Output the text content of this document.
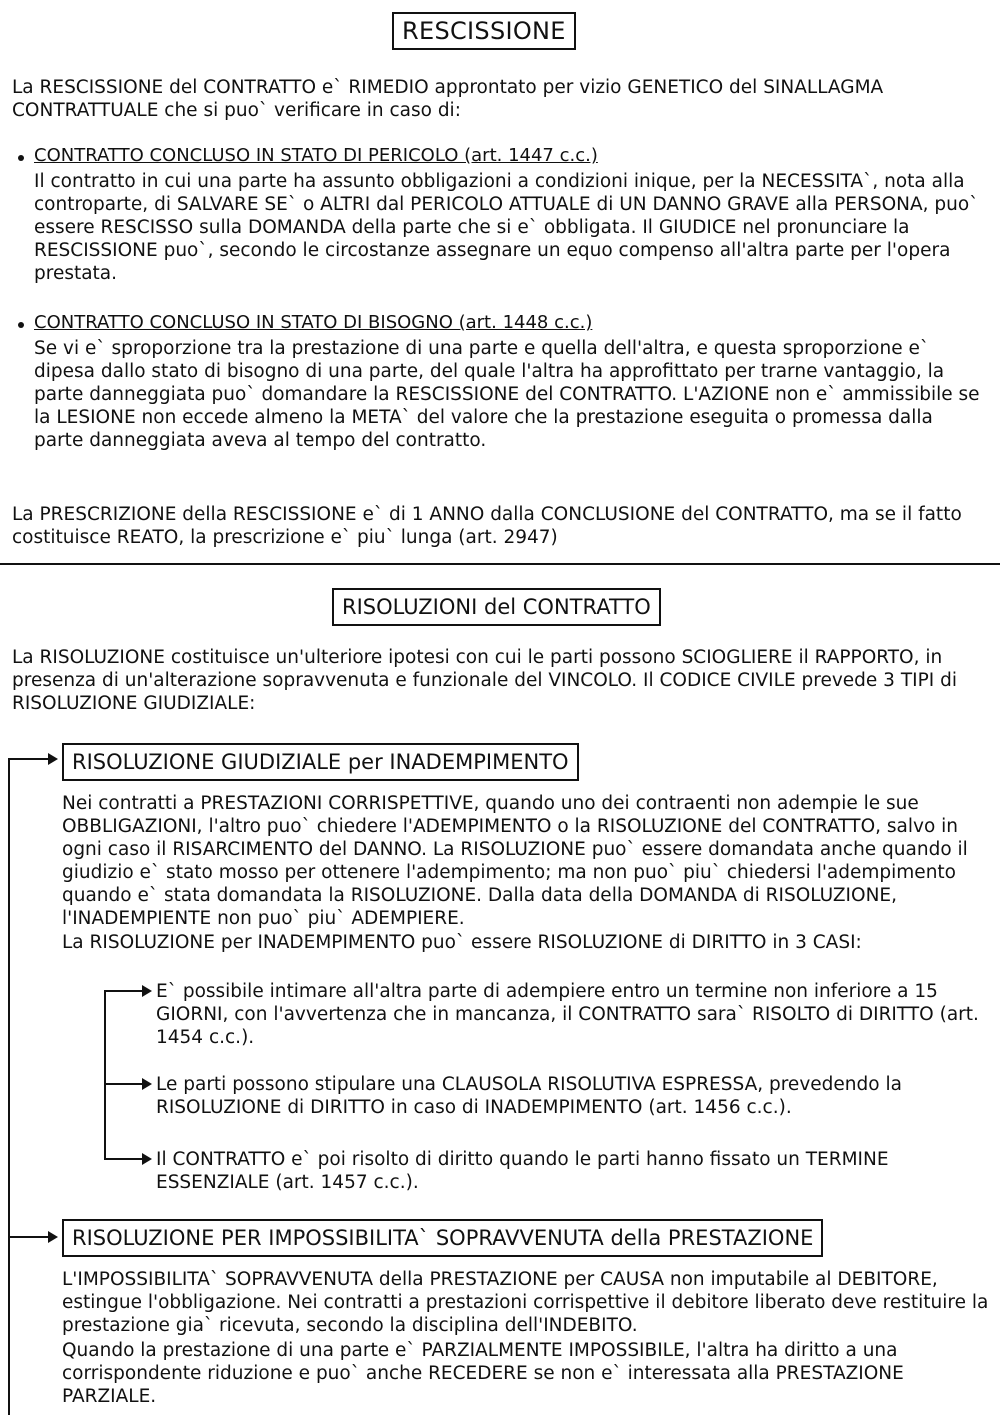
RESCISSIONE
La RESCISSIONE del CONTRATTO e` RIMEDIO approntato per vizio GENETICO del SINALLAGMA CONTRATTUALE che si puo` verificare in caso di:
CONTRATTO CONCLUSO IN STATO DI PERICOLO (art. 1447 c.c.)
Il contratto in cui una parte ha assunto obbligazioni a condizioni inique, per la NECESSITA`, nota alla controparte, di SALVARE SE` o ALTRI dal PERICOLO ATTUALE di UN DANNO GRAVE alla PERSONA, puo` essere RESCISSO sulla DOMANDA della parte che si e` obbligata. Il GIUDICE nel pronunciare la RESCISSIONE puo`, secondo le circostanze assegnare un equo compenso all'altra parte per l'opera prestata.
CONTRATTO CONCLUSO IN STATO DI BISOGNO (art. 1448 c.c.)
Se vi e` sproporzione tra la prestazione di una parte e quella dell'altra, e questa sproporzione e` dipesa dallo stato di bisogno di una parte, del quale l'altra ha approfittato per trarne vantaggio, la parte danneggiata puo` domandare la RESCISSIONE del CONTRATTO. L'AZIONE non e` ammissibile se la LESIONE non eccede almeno la META` del valore che la prestazione eseguita o promessa dalla parte danneggiata aveva al tempo del contratto.
La PRESCRIZIONE della RESCISSIONE e` di 1 ANNO dalla CONCLUSIONE del CONTRATTO, ma se il fatto costituisce REATO, la prescrizione e` piu` lunga (art. 2947)
RISOLUZIONI del CONTRATTO
La RISOLUZIONE costituisce un'ulteriore ipotesi con cui le parti possono SCIOGLIERE il RAPPORTO, in presenza di un'alterazione sopravvenuta e funzionale del VINCOLO. Il CODICE CIVILE prevede 3 TIPI di RISOLUZIONE GIUDIZIALE:
RISOLUZIONE GIUDIZIALE per INADEMPIMENTO
Nei contratti a PRESTAZIONI CORRISPETTIVE, quando uno dei contraenti non adempie le sue OBBLIGAZIONI, l'altro puo` chiedere l'ADEMPIMENTO o la RISOLUZIONE del CONTRATTO, salvo in ogni caso il RISARCIMENTO del DANNO. La RISOLUZIONE puo` essere domandata anche quando il giudizio e` stato mosso per ottenere l'adempimento; ma non puo` piu` chiedersi l'adempimento quando e` stata domandata la RISOLUZIONE. Dalla data della DOMANDA di RISOLUZIONE, l'INADEMPIENTE non puo` piu` ADEMPIERE.
La RISOLUZIONE per INADEMPIMENTO puo` essere RISOLUZIONE di DIRITTO in 3 CASI:
E` possibile intimare all'altra parte di adempiere entro un termine non inferiore a 15 GIORNI, con l'avvertenza che in mancanza, il CONTRATTO sara` RISOLTO di DIRITTO (art. 1454 c.c.).
Le parti possono stipulare una CLAUSOLA RISOLUTIVA ESPRESSA, prevedendo la RISOLUZIONE di DIRITTO in caso di INADEMPIMENTO (art. 1456 c.c.).
Il CONTRATTO e` poi risolto di diritto quando le parti hanno fissato un TERMINE ESSENZIALE (art. 1457 c.c.).
RISOLUZIONE PER IMPOSSIBILITA` SOPRAVVENUTA della PRESTAZIONE
L'IMPOSSIBILITA` SOPRAVVENUTA della PRESTAZIONE per CAUSA non imputabile al DEBITORE, estingue l'obbligazione. Nei contratti a prestazioni corrispettive il debitore liberato deve restituire la prestazione gia` ricevuta, secondo la disciplina dell'INDEBITO.
Quando la prestazione di una parte e` PARZIALMENTE IMPOSSIBILE, l'altra ha diritto a una corrispondente riduzione e puo` anche RECEDERE se non e` interessata alla PRESTAZIONE PARZIALE.
